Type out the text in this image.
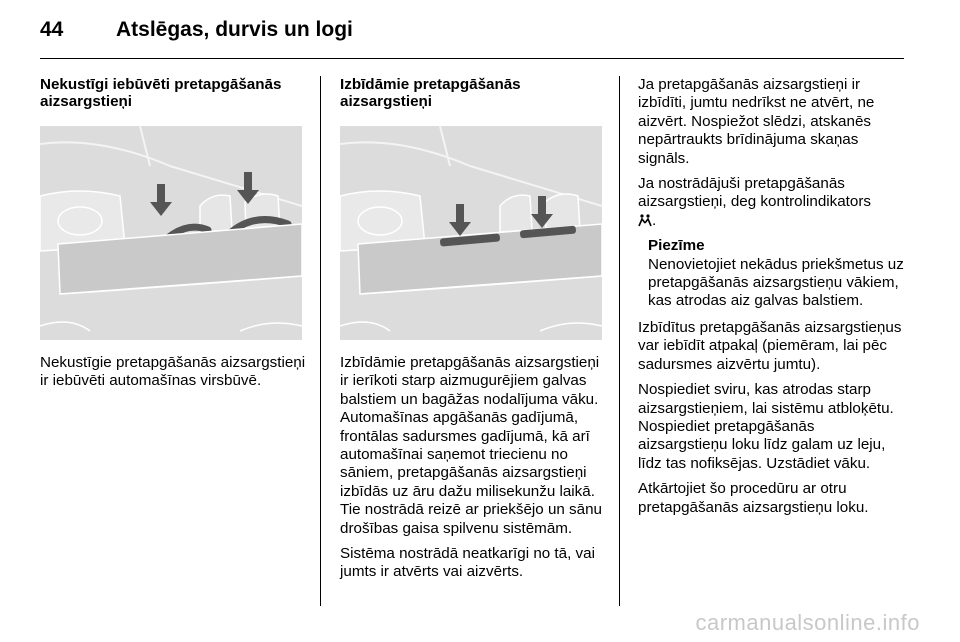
44	Atslēgas, durvis un logi
Nekustīgi iebūvēti pretapgāšanās aizsargstieņi
Nekustīgie pretapgāšanās aizsargstieņi ir iebūvēti automašīnas virsbūvē.
Izbīdāmie pretapgāšanās aizsargstieņi
Izbīdāmie pretapgāšanās aizsargstieņi ir ierīkoti starp aizmugurējiem galvas balstiem un bagāžas nodalījuma vāku. Automašīnas apgāšanās gadījumā, frontālas sadursmes gadījumā, kā arī automašīnai saņemot triecienu no sāniem, pretapgāšanās aizsargstieņi izbīdās uz āru dažu milisekunžu laikā. Tie nostrādā reizē ar priekšējo un sānu drošības gaisa spilvenu sistēmām.
Sistēma nostrādā neatkarīgi no tā, vai jumts ir atvērts vai aizvērts.
Ja pretapgāšanās aizsargstieņi ir izbīdīti, jumtu nedrīkst ne atvērt, ne aizvērt. Nospiežot slēdzi, atskanēs nepārtraukts brīdinājuma skaņas signāls.
Ja nostrādājuši pretapgāšanās aizsargstieņi, deg kontrolindikators
.
Piezīme
Nenovietojiet nekādus priekšmetus uz pretapgāšanās aizsargstieņu vākiem, kas atrodas aiz galvas balstiem.
Izbīdītus pretapgāšanās aizsargstieņus var iebīdīt atpakaļ (piemēram, lai pēc sadursmes aizvērtu jumtu).
Nospiediet sviru, kas atrodas starp aizsargstieņiem, lai sistēmu atbloķētu. Nospiediet pretapgāšanās aizsargstieņu loku līdz galam uz leju, līdz tas nofiksējas. Uzstādiet vāku.
Atkārtojiet šo procedūru ar otru pretapgāšanās aizsargstieņu loku.
carmanualsonline.info
